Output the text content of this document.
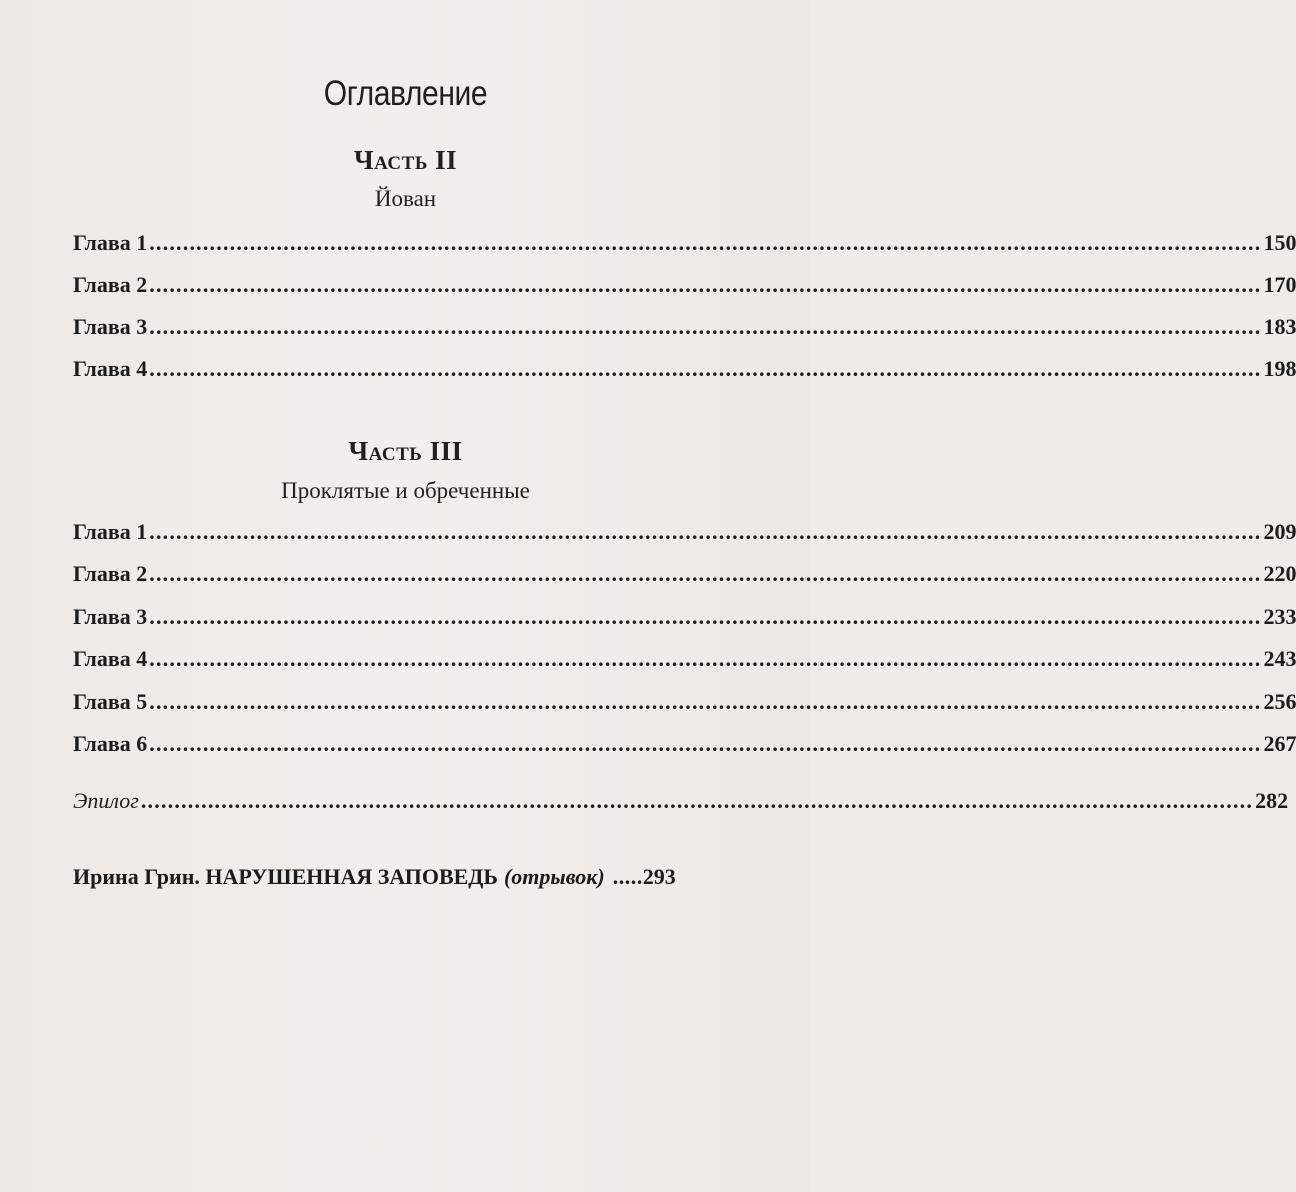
Оглавление
Часть II
Йован
Глава 1 ...................................................................................................................................................................... 150
Глава 2 ...................................................................................................................................................................... 170
Глава 3 ...................................................................................................................................................................... 183
Глава 4 ...................................................................................................................................................................... 198
Часть III
Проклятые и обреченные
Глава 1 ...................................................................................................................................................................... 209
Глава 2 ...................................................................................................................................................................... 220
Глава 3 ...................................................................................................................................................................... 233
Глава 4 ...................................................................................................................................................................... 243
Глава 5 ...................................................................................................................................................................... 256
Глава 6 ...................................................................................................................................................................... 267
Эпилог ...................................................................................................................................................................... 282
Ирина Грин. НАРУШЕННАЯ ЗАПОВЕДЬ (отрывок) ..... 293
